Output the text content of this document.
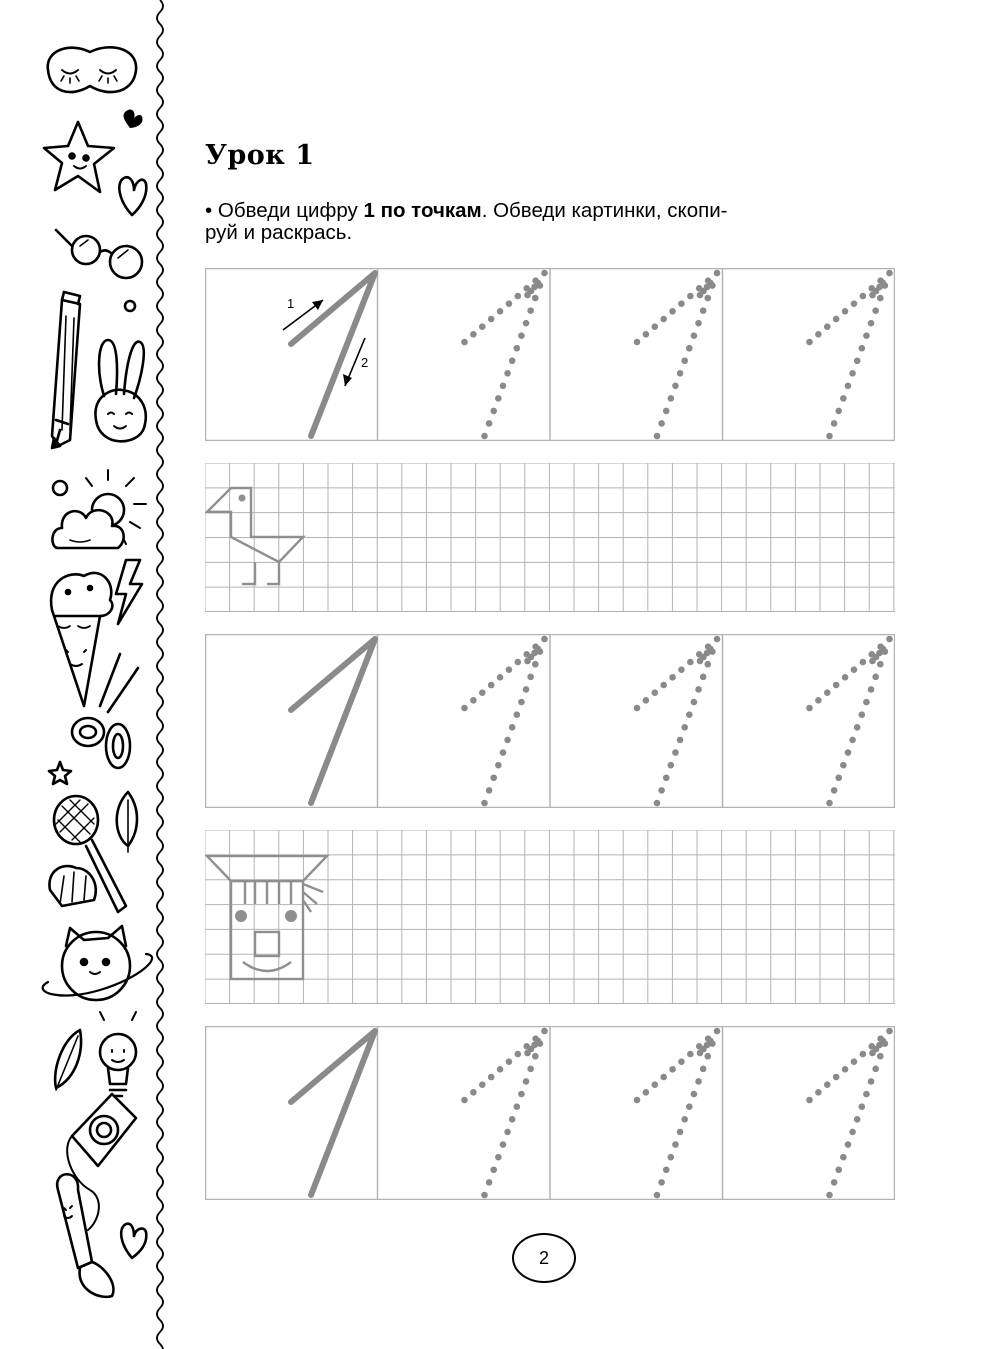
Урок 1
• Обведи цифру 1 по точкам. Обведи картинки, скопи-
руй и раскрась.
1
2
2
